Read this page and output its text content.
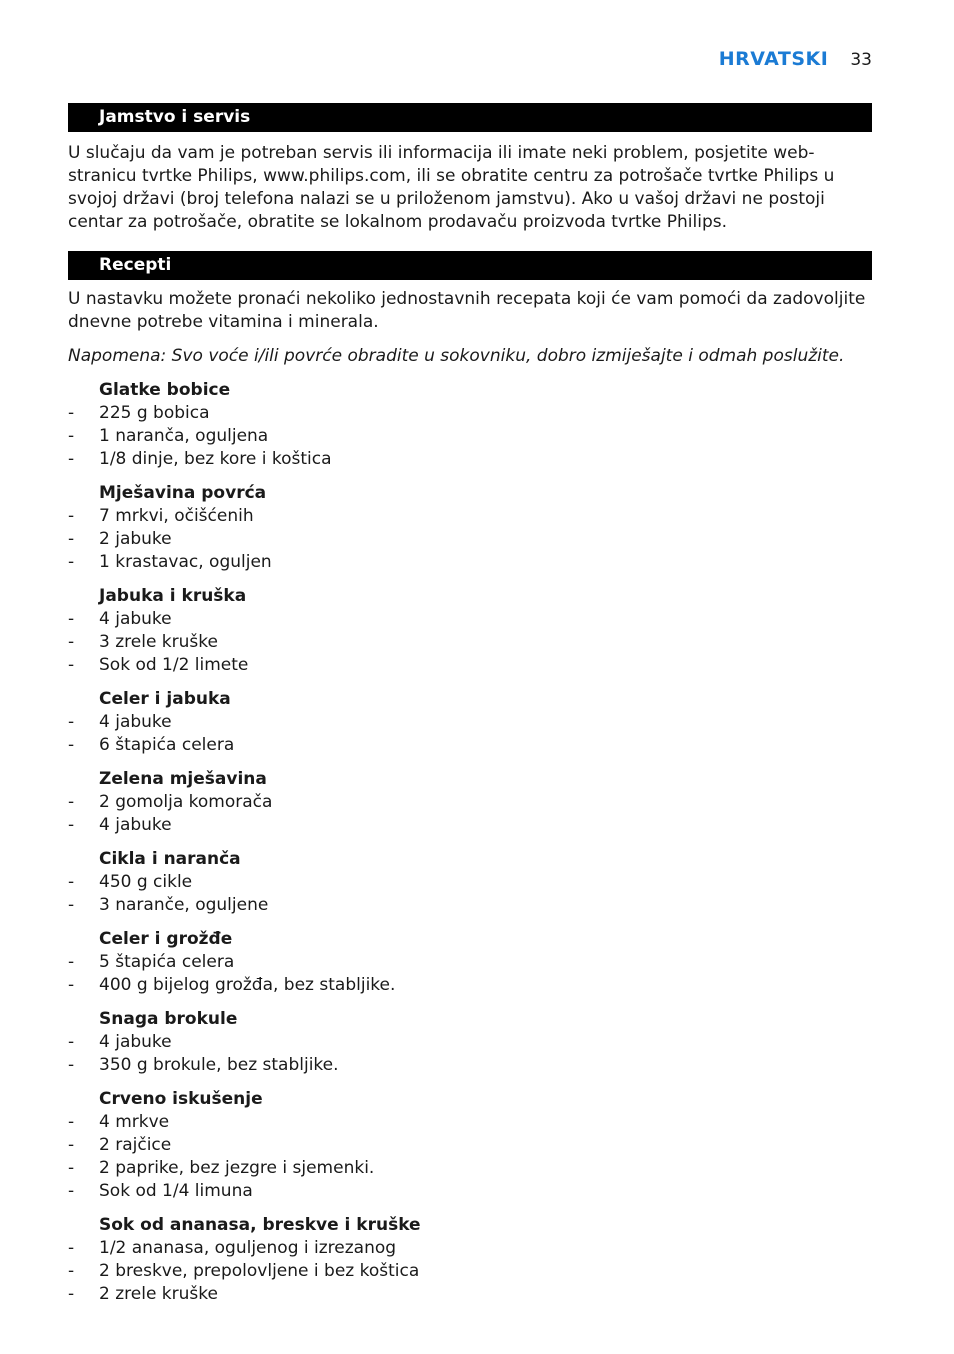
HRVATSKI 33
Jamstvo i servis

U slučaju da vam je potreban servis ili informacija ili imate neki problem, posjetite web-stranicu tvrtke Philips, www.philips.com, ili se obratite centru za potrošače tvrtke Philips u svojoj državi (broj telefona nalazi se u priloženom jamstvu). Ako u vašoj državi ne postoji centar za potrošače, obratite se lokalnom prodavaču proizvoda tvrtke Philips.

Recepti

U nastavku možete pronaći nekoliko jednostavnih recepata koji će vam pomoći da zadovoljite dnevne potrebe vitamina i minerala.

Napomena: Svo voće i/ili povrće obradite u sokovniku, dobro izmiješajte i odmah poslužite.

Glatke bobice
-	225 g bobica
-	1 naranča, oguljena
-	1/8 dinje, bez kore i koštica
Mješavina povrća
-	7 mrkvi, očišćenih
-	2 jabuke
-	1 krastavac, oguljen
Jabuka i kruška
-	4 jabuke
-	3 zrele kruške
-	Sok od 1/2 limete
Celer i jabuka
-	4 jabuke
-	6 štapića celera
Zelena mješavina
-	2 gomolja komorača
-	4 jabuke
Cikla i naranča
-	450 g cikle
-	3 naranče, oguljene
Celer i grožđe
-	5 štapića celera
-	400 g bijelog grožđa, bez stabljike.
Snaga brokule
-	4 jabuke
-	350 g brokule, bez stabljike.
Crveno iskušenje
-	4 mrkve
-	2 rajčice
-	2 paprike, bez jezgre i sjemenki.
-	Sok od 1/4 limuna
Sok od ananasa, breskve i kruške
-	1/2 ananasa, oguljenog i izrezanog
-	2 breskve, prepolovljene i bez koštica
-	2 zrele kruške
